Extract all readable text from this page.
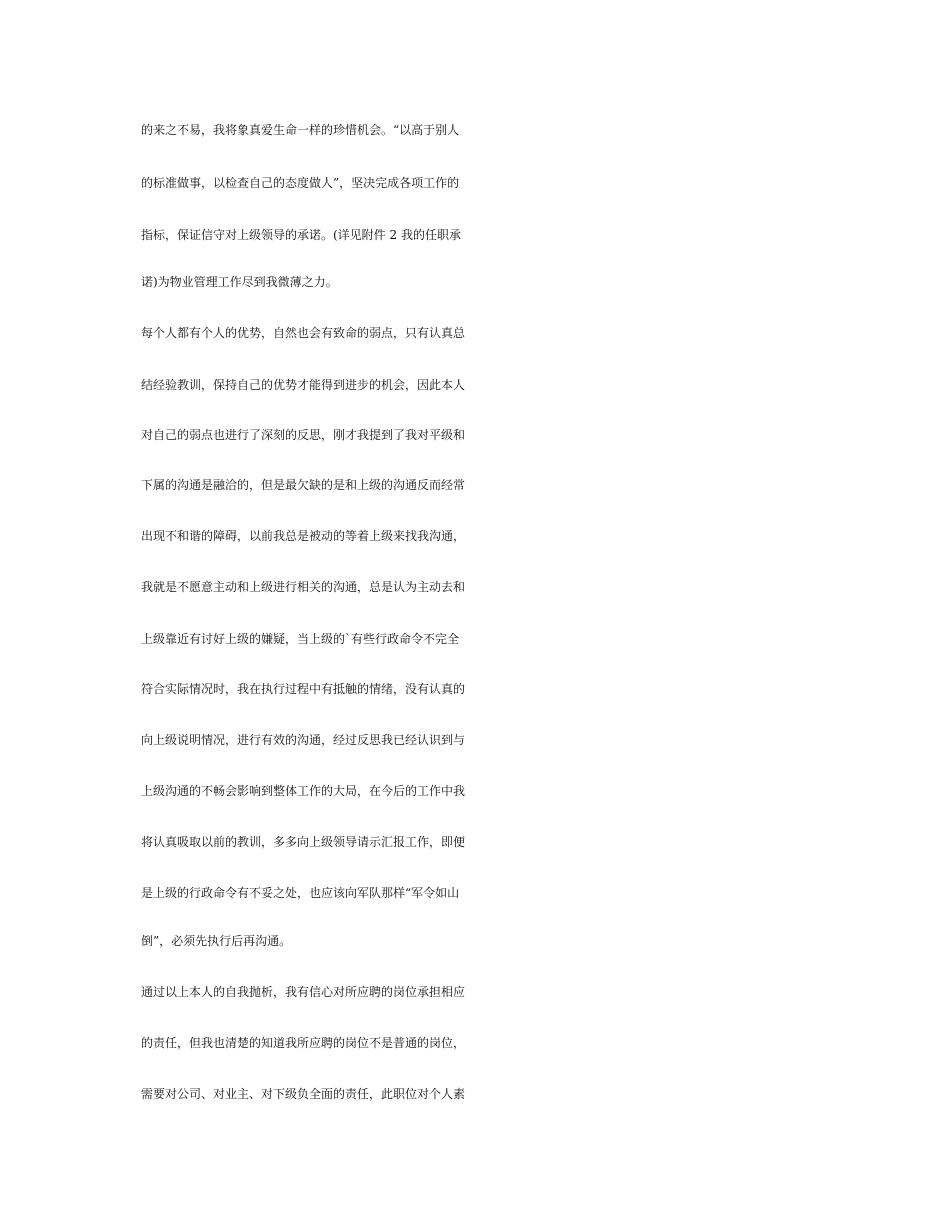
的来之不易，我将象真爱生命一样的珍惜机会。“以高于别人
的标准做事，以检查自己的态度做人”，坚决完成各项工作的
指标，保证信守对上级领导的承诺。(详见附件 2 我的任职承
诺)为物业管理工作尽到我微薄之力。
每个人都有个人的优势，自然也会有致命的弱点，只有认真总
结经验教训，保持自己的优势才能得到进步的机会，因此本人
对自己的弱点也进行了深刻的反思，刚才我提到了我对平级和
下属的沟通是融洽的，但是最欠缺的是和上级的沟通反而经常
出现不和谐的障碍，以前我总是被动的等着上级来找我沟通，
我就是不愿意主动和上级进行相关的沟通，总是认为主动去和
上级靠近有讨好上级的嫌疑，当上级的`有些行政命令不完全
符合实际情况时，我在执行过程中有抵触的情绪，没有认真的
向上级说明情况，进行有效的沟通，经过反思我已经认识到与
上级沟通的不畅会影响到整体工作的大局，在今后的工作中我
将认真吸取以前的教训，多多向上级领导请示汇报工作，即便
是上级的行政命令有不妥之处，也应该向军队那样“军令如山
倒”，必须先执行后再沟通。
通过以上本人的自我抛析，我有信心对所应聘的岗位承担相应
的责任，但我也清楚的知道我所应聘的岗位不是普通的岗位，
需要对公司、对业主、对下级负全面的责任，此职位对个人素
